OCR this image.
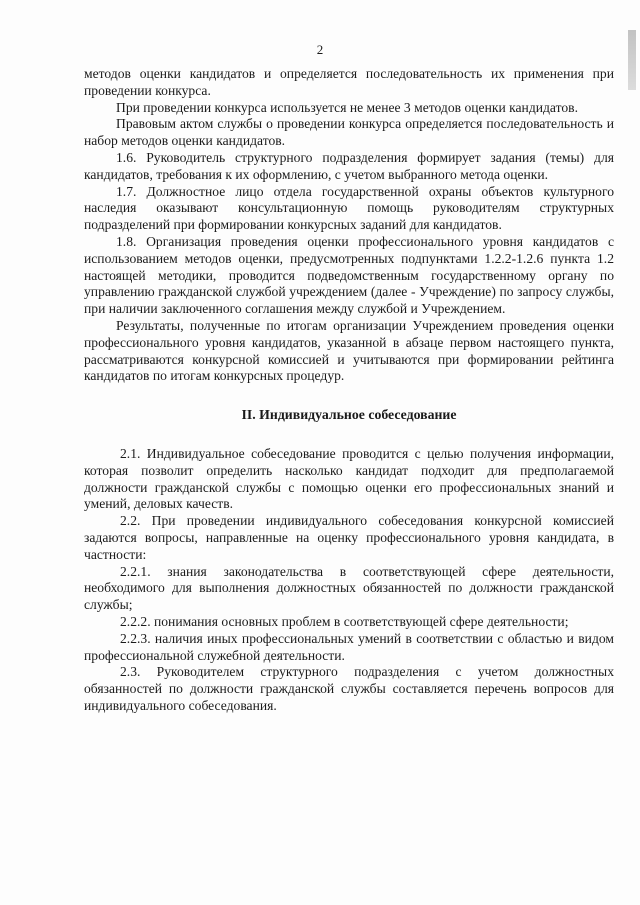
2

методов оценки кандидатов и определяется последовательность их применения при проведении конкурса.

При проведении конкурса используется не менее 3 методов оценки кандидатов.

Правовым актом службы о проведении конкурса определяется последовательность и набор методов оценки кандидатов.

1.6. Руководитель структурного подразделения формирует задания (темы) для кандидатов, требования к их оформлению, с учетом выбранного метода оценки.

1.7. Должностное лицо отдела государственной охраны объектов культурного наследия оказывают консультационную помощь руководителям структурных подразделений при формировании конкурсных заданий для кандидатов.

1.8. Организация проведения оценки профессионального уровня кандидатов с использованием методов оценки, предусмотренных подпунктами 1.2.2-1.2.6 пункта 1.2 настоящей методики, проводится подведомственным государственному органу по управлению гражданской службой учреждением (далее - Учреждение) по запросу службы, при наличии заключенного соглашения между службой и Учреждением.

Результаты, полученные по итогам организации Учреждением проведения оценки профессионального уровня кандидатов, указанной в абзаце первом настоящего пункта, рассматриваются конкурсной комиссией и учитываются при формировании рейтинга кандидатов по итогам конкурсных процедур.

II. Индивидуальное собеседование

2.1. Индивидуальное собеседование проводится с целью получения информации, которая позволит определить насколько кандидат подходит для предполагаемой должности гражданской службы с помощью оценки его профессиональных знаний и умений, деловых качеств.

2.2. При проведении индивидуального собеседования конкурсной комиссией задаются вопросы, направленные на оценку профессионального уровня кандидата, в частности:

2.2.1. знания законодательства в соответствующей сфере деятельности, необходимого для выполнения должностных обязанностей по должности гражданской службы;

2.2.2. понимания основных проблем в соответствующей сфере деятельности;

2.2.3. наличия иных профессиональных умений в соответствии с областью и видом профессиональной служебной деятельности.

2.3. Руководителем структурного подразделения с учетом должностных обязанностей по должности гражданской службы составляется перечень вопросов для индивидуального собеседования.
